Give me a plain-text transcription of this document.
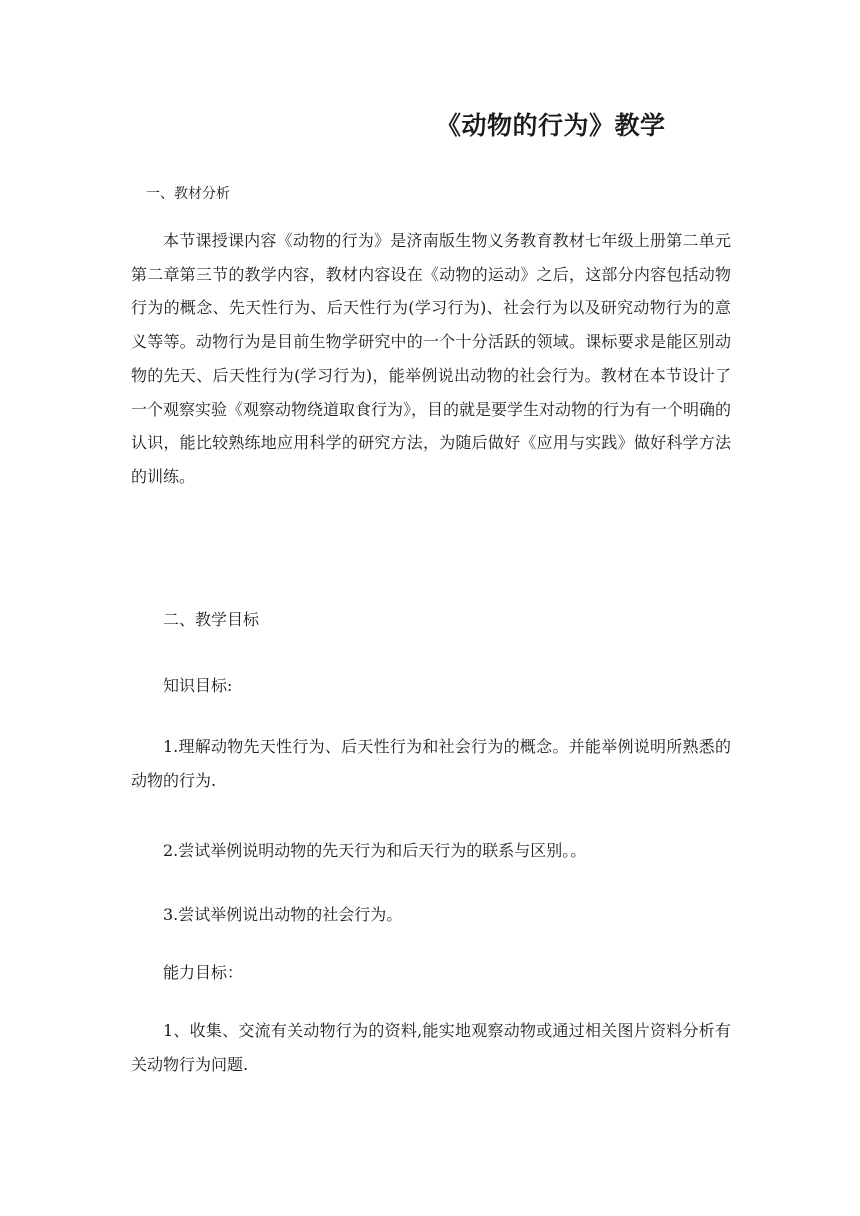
《动物的行为》教学

一、教材分析

本节课授课内容《动物的行为》是济南版生物义务教育教材七年级上册第二单元第二章第三节的教学内容，教材内容设在《动物的运动》之后，这部分内容包括动物行为的概念、先天性行为、后天性行为(学习行为)、社会行为以及研究动物行为的意义等等。动物行为是目前生物学研究中的一个十分活跃的领域。课标要求是能区别动物的先天、后天性行为(学习行为)，能举例说出动物的社会行为。教材在本节设计了一个观察实验《观察动物绕道取食行为》，目的就是要学生对动物的行为有一个明确的认识，能比较熟练地应用科学的研究方法，为随后做好《应用与实践》做好科学方法的训练。

二、教学目标

知识目标:

1.理解动物先天性行为、后天性行为和社会行为的概念。并能举例说明所熟悉的动物的行为.

2.尝试举例说明动物的先天行为和后天行为的联系与区别。。

3.尝试举例说出动物的社会行为。

能力目标：

1、收集、交流有关动物行为的资料,能实地观察动物或通过相关图片资料分析有关动物行为问题.
